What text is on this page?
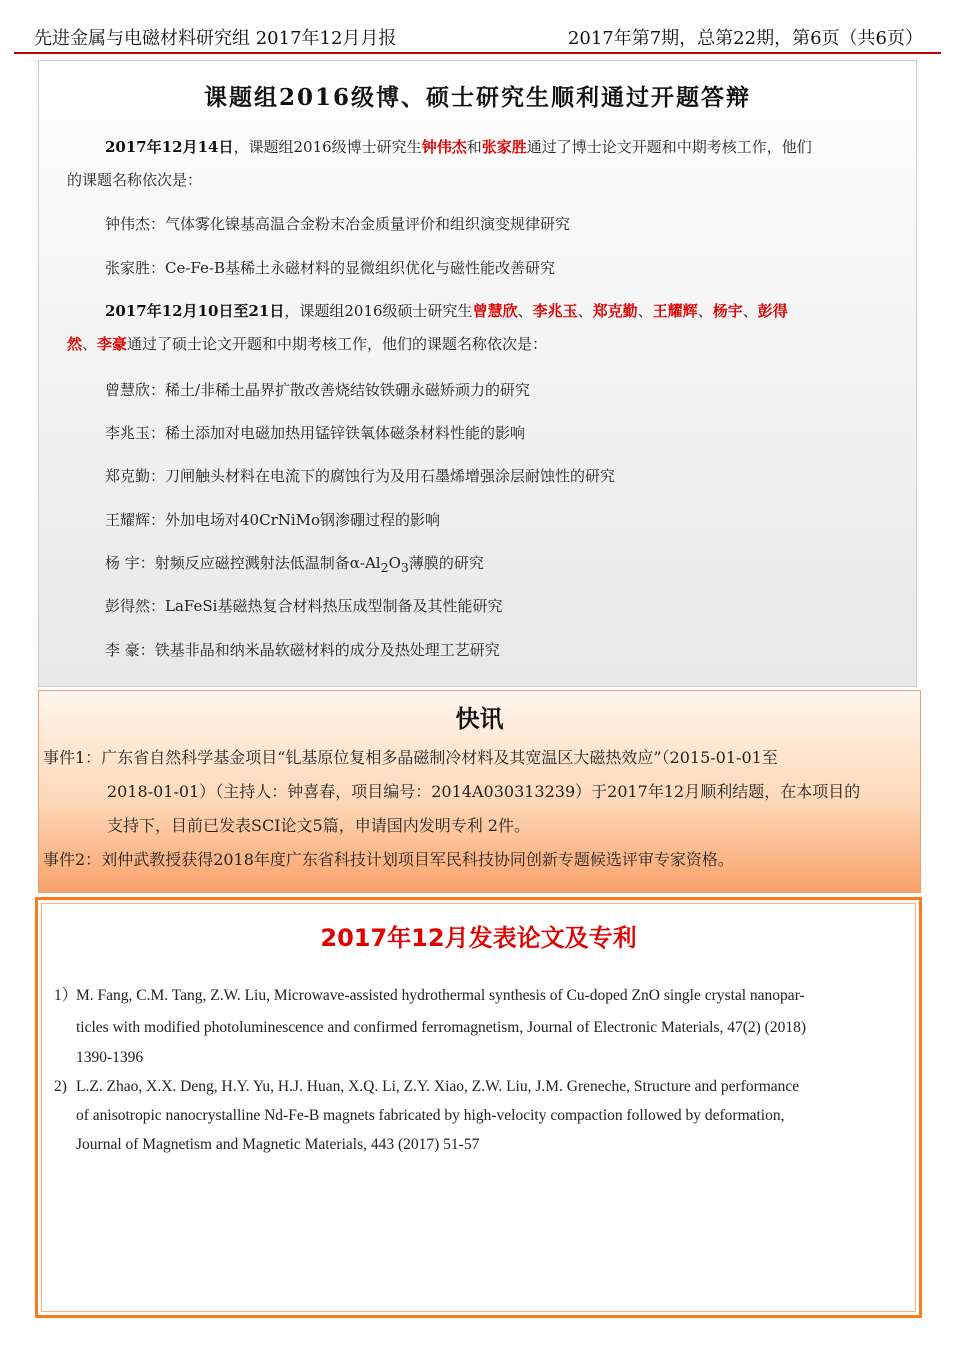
先进金属与电磁材料研究组 2017年12月月报	2017年第7期，总第22期，第6页（共6页）
课题组2016级博、硕士研究生顺利通过开题答辩
2017年12月14日，课题组2016级博士研究生钟伟杰和张家胜通过了博士论文开题和中期考核工作，他们
的课题名称依次是：
钟伟杰：气体雾化镍基高温合金粉末冶金质量评价和组织演变规律研究
张家胜：Ce-Fe-B基稀土永磁材料的显微组织优化与磁性能改善研究
2017年12月10日至21日，课题组2016级硕士研究生曾慧欣、李兆玉、郑克勤、王耀辉、杨宇、彭得
然、李豪通过了硕士论文开题和中期考核工作，他们的课题名称依次是：
曾慧欣：稀土/非稀土晶界扩散改善烧结钕铁硼永磁矫顽力的研究
李兆玉：稀土添加对电磁加热用锰锌铁氧体磁条材料性能的影响
郑克勤：刀闸触头材料在电流下的腐蚀行为及用石墨烯增强涂层耐蚀性的研究
王耀辉：外加电场对40CrNiMo钢渗硼过程的影响
杨 宇：射频反应磁控溅射法低温制备$\alpha-Al_2O_3$薄膜的研究
彭得然：LaFeSi基磁热复合材料热压成型制备及其性能研究
李 豪：铁基非晶和纳米晶软磁材料的成分及热处理工艺研究
快讯
事件1：广东省自然科学基金项目“钆基原位复相多晶磁制冷材料及其宽温区大磁热效应”（2015-01-01至
2018-01-01）（主持人：钟喜春，项目编号：2014A030313239）于2017年12月顺利结题，在本项目的
支持下，目前已发表SCI论文5篇，申请国内发明专利 2件。
事件2：刘仲武教授获得2018年度广东省科技计划项目军民科技协同创新专题候选评审专家资格。
2017年12月发表论文及专利
1）
M. Fang, C.M. Tang, Z.W. Liu, Microwave-assisted hydrothermal synthesis of Cu-doped ZnO single crystal nanopar-
ticles with modified photoluminescence and confirmed ferromagnetism, Journal of Electronic Materials, 47(2) (2018)
1390-1396
2) L.Z. Zhao, X.X. Deng, H.Y. Yu, H.J. Huan, X.Q. Li, Z.Y. Xiao, Z.W. Liu, J.M. Greneche, Structure and performance
of anisotropic nanocrystalline Nd-Fe-B magnets fabricated by high-velocity compaction followed by deformation,
Journal of Magnetism and Magnetic Materials, 443 (2017) 51-57
